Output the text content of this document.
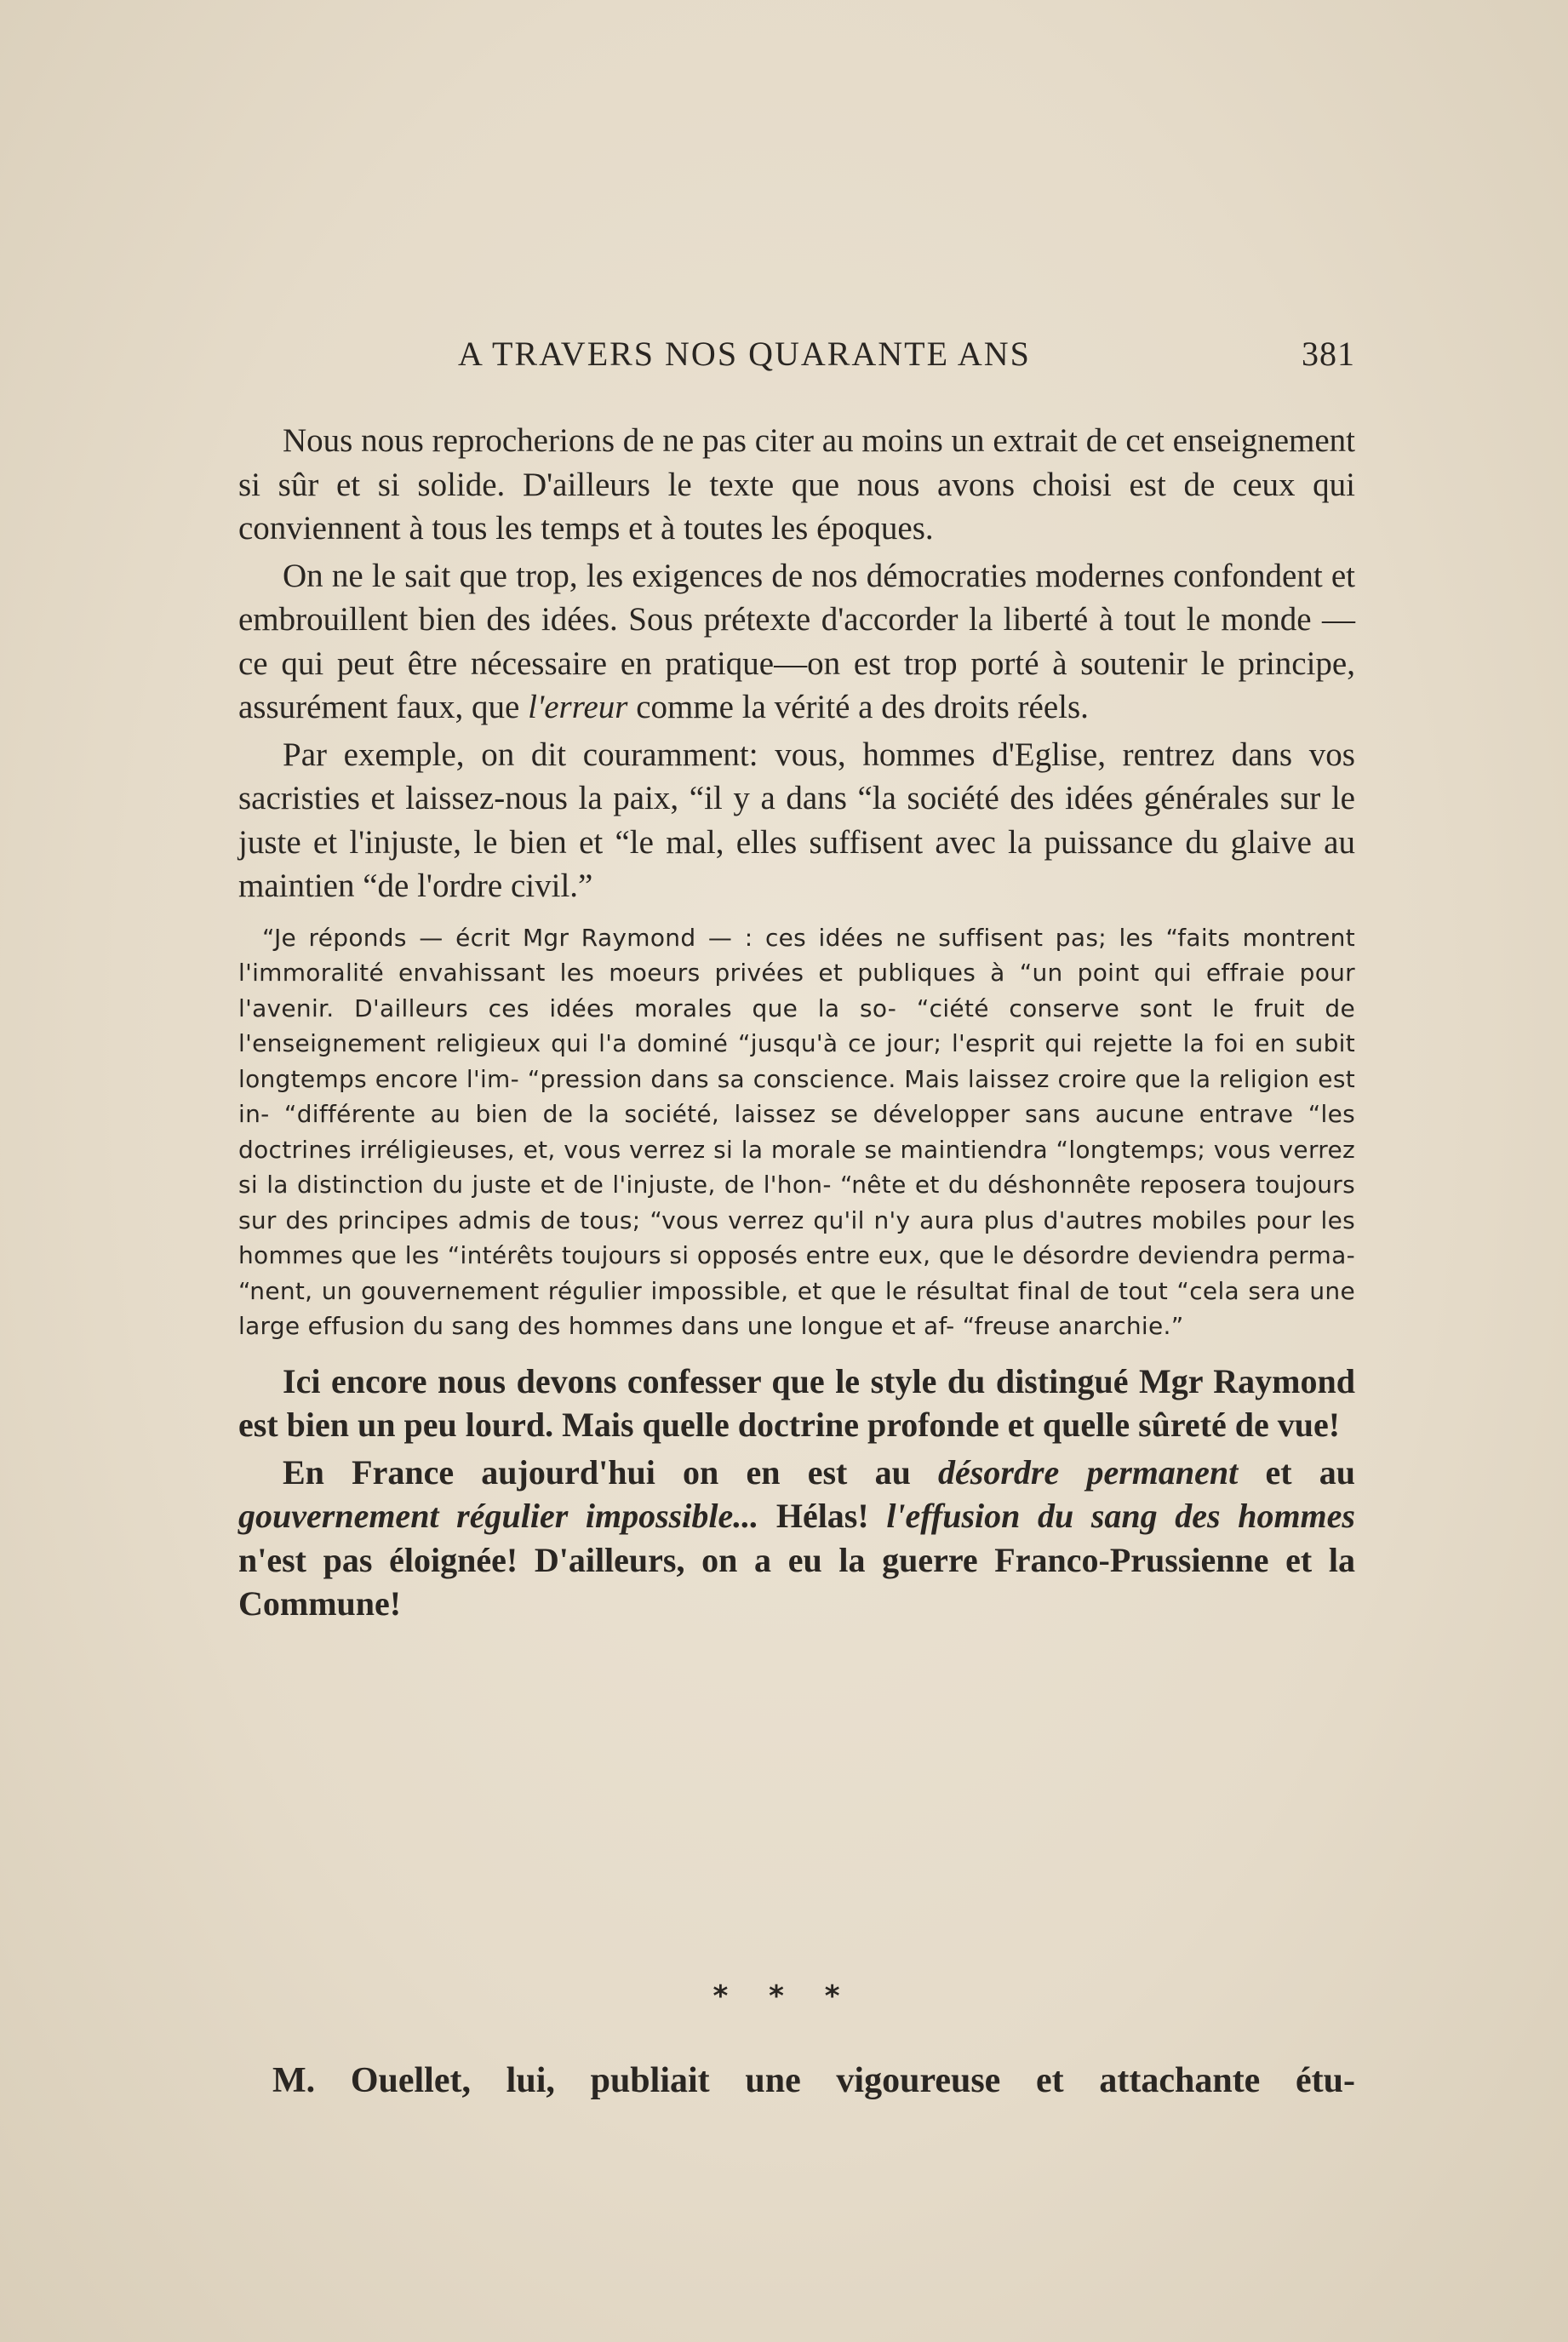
A TRAVERS NOS QUARANTE ANS	381

Nous nous reprocherions de ne pas citer au moins un extrait de cet enseignement si sûr et si solide. D'ailleurs le texte que nous avons choisi est de ceux qui conviennent à tous les temps et à toutes les époques.

On ne le sait que trop, les exigences de nos démocraties modernes confondent et embrouillent bien des idées. Sous prétexte d'accorder la liberté à tout le monde — ce qui peut être nécessaire en pratique—on est trop porté à soutenir le principe, assurément faux, que l'erreur comme la vérité a des droits réels.

Par exemple, on dit couramment: vous, hommes d'Eglise, rentrez dans vos sacristies et laissez-nous la paix, “il y a dans “la société des idées générales sur le juste et l'injuste, le bien et “le mal, elles suffisent avec la puissance du glaive au maintien “de l'ordre civil.”

“Je réponds — écrit Mgr Raymond — : ces idées ne suffisent pas; les “faits montrent l'immoralité envahissant les moeurs privées et publiques à “un point qui effraie pour l'avenir. D'ailleurs ces idées morales que la so- “ciété conserve sont le fruit de l'enseignement religieux qui l'a dominé “jusqu'à ce jour; l'esprit qui rejette la foi en subit longtemps encore l'im- “pression dans sa conscience. Mais laissez croire que la religion est in- “différente au bien de la société, laissez se développer sans aucune entrave “les doctrines irréligieuses, et, vous verrez si la morale se maintiendra “longtemps; vous verrez si la distinction du juste et de l'injuste, de l'hon- “nête et du déshonnête reposera toujours sur des principes admis de tous; “vous verrez qu'il n'y aura plus d'autres mobiles pour les hommes que les “intérêts toujours si opposés entre eux, que le désordre deviendra perma- “nent, un gouvernement régulier impossible, et que le résultat final de tout “cela sera une large effusion du sang des hommes dans une longue et af- “freuse anarchie.”

Ici encore nous devons confesser que le style du distingué Mgr Raymond est bien un peu lourd. Mais quelle doctrine profonde et quelle sûreté de vue!

En France aujourd'hui on en est au désordre permanent et au gouvernement régulier impossible... Hélas! l'effusion du sang des hommes n'est pas éloignée! D'ailleurs, on a eu la guerre Franco-Prussienne et la Commune!

* * *
M. Ouellet, lui, publiait une vigoureuse et attachante étu-
